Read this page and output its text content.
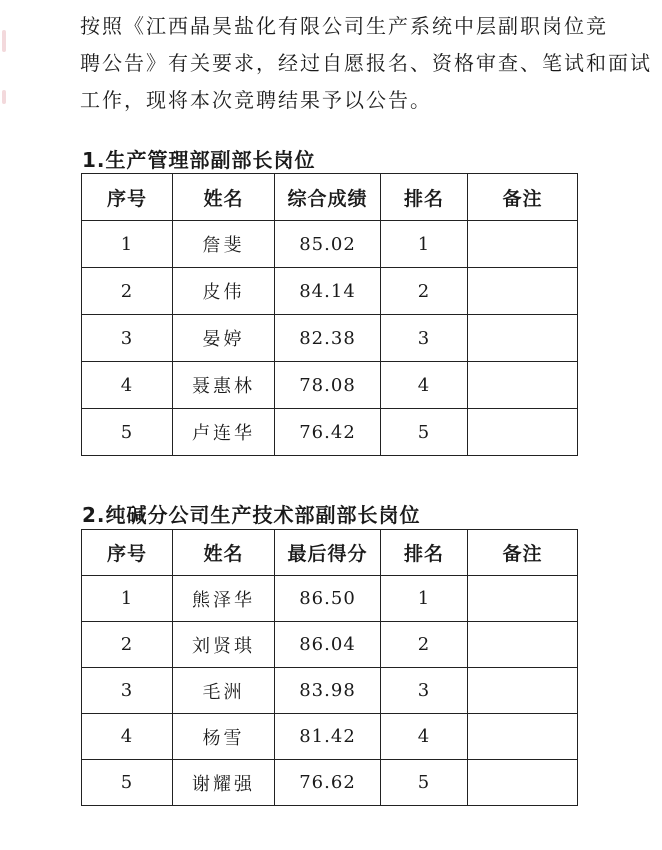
按照《江西晶昊盐化有限公司生产系统中层副职岗位竞
聘公告》有关要求，经过自愿报名、资格审查、笔试和面试
工作，现将本次竞聘结果予以公告。

1.生产管理部副部长岗位
序号	姓名	综合成绩	排名	备注
1	詹斐	85.02	1	
2	皮伟	84.14	2	
3	晏婷	82.38	3	
4	聂惠林	78.08	4	
5	卢连华	76.42	5	
2.纯碱分公司生产技术部副部长岗位
序号	姓名	最后得分	排名	备注
1	熊泽华	86.50	1	
2	刘贤琪	86.04	2	
3	毛洲	83.98	3	
4	杨雪	81.42	4	
5	谢耀强	76.62	5	
